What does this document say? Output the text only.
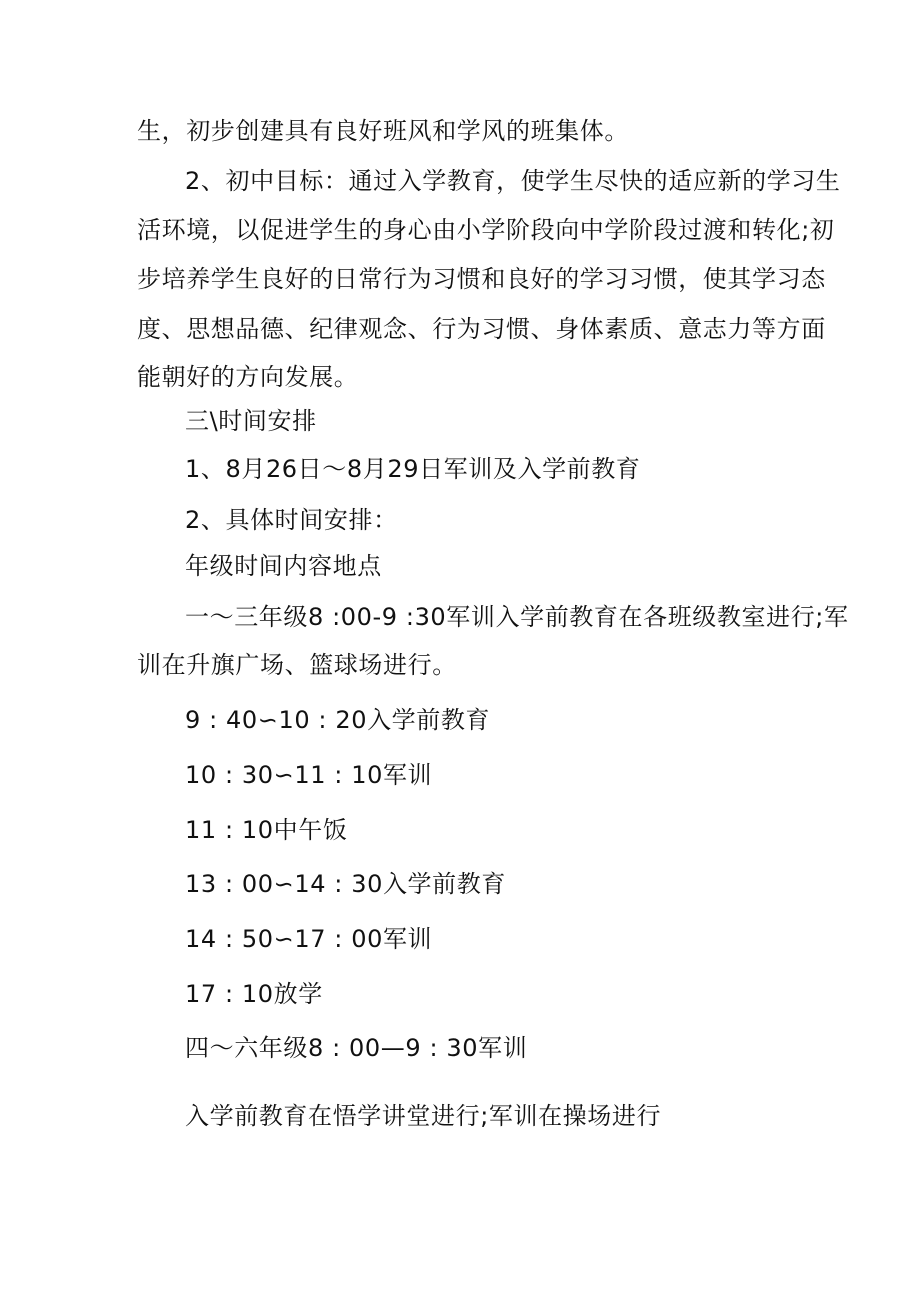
生，初步创建具有良好班风和学风的班集体。
2、初中目标：通过入学教育，使学生尽快的适应新的学习生
活环境，以促进学生的身心由小学阶段向中学阶段过渡和转化;初
步培养学生良好的日常行为习惯和良好的学习习惯，使其学习态
度、思想品德、纪律观念、行为习惯、身体素质、意志力等方面
能朝好的方向发展。
三\时间安排
1、8月26日～8月29日军训及入学前教育
2、具体时间安排：
年级时间内容地点
一～三年级8 :00-9 :30军训入学前教育在各班级教室进行;军
训在升旗广场、篮球场进行。
9 : 40∽10 : 20入学前教育
10 : 30∽11 : 10军训
11 : 10中午饭
13 : 00∽14 : 30入学前教育
14 : 50∽17 : 00军训
17 : 10放学
四～六年级8 : 00—9 : 30军训
入学前教育在悟学讲堂进行;军训在操场进行
